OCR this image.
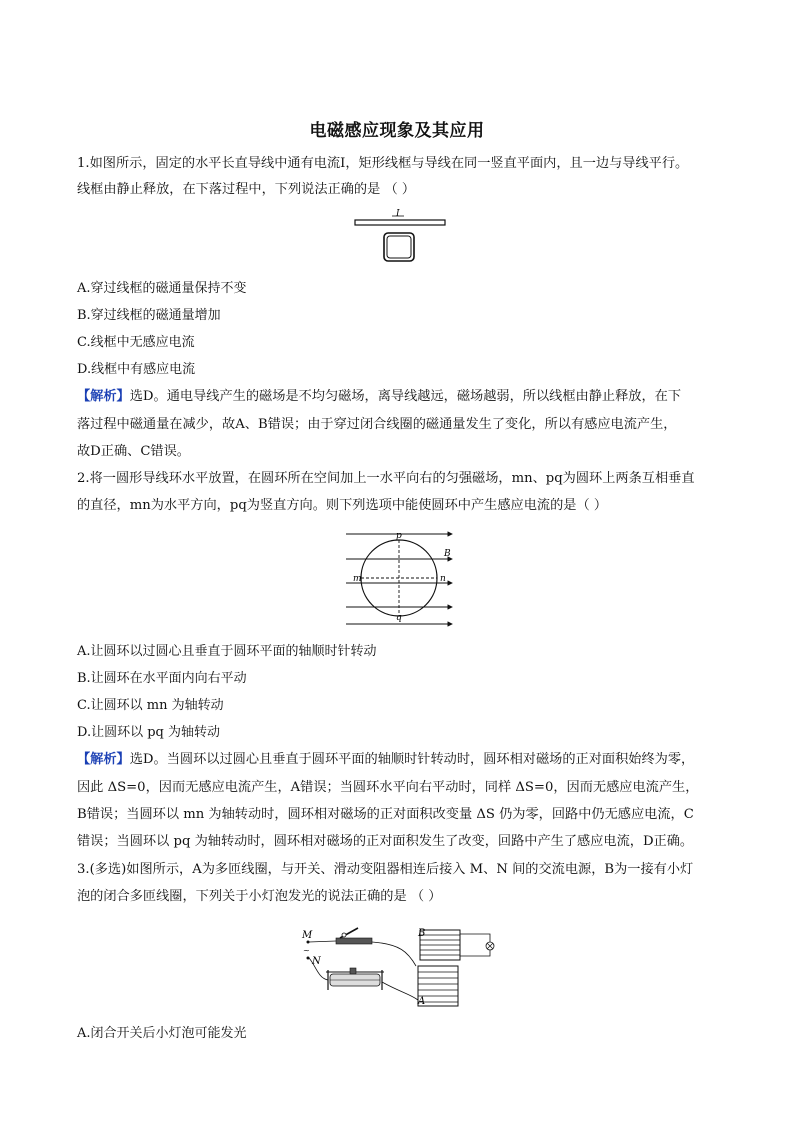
电磁感应现象及其应用
1.如图所示，固定的水平长直导线中通有电流I，矩形线框与导线在同一竖直平面内，且一边与导线平行。
线框由静止释放，在下落过程中，下列说法正确的是 （ ）
I
A.穿过线框的磁通量保持不变
B.穿过线框的磁通量增加
C.线框中无感应电流
D.线框中有感应电流
【解析】选D。通电导线产生的磁场是不均匀磁场，离导线越远，磁场越弱，所以线框由静止释放，在下
落过程中磁通量在减少，故A、B错误；由于穿过闭合线圈的磁通量发生了变化，所以有感应电流产生，
故D正确、C错误。
2.将一圆形导线环水平放置，在圆环所在空间加上一水平向右的匀强磁场，mn、pq为圆环上两条互相垂直
的直径，mn为水平方向，pq为竖直方向。则下列选项中能使圆环中产生感应电流的是（ ）
p
q
m	n
B
A.让圆环以过圆心且垂直于圆环平面的轴顺时针转动
B.让圆环在水平面内向右平动
C.让圆环以 mn 为轴转动
D.让圆环以 pq 为轴转动
【解析】选D。当圆环以过圆心且垂直于圆环平面的轴顺时针转动时，圆环相对磁场的正对面积始终为零，
因此 ΔS=0，因而无感应电流产生，A错误；当圆环水平向右平动时，同样 ΔS=0，因而无感应电流产生，
B错误；当圆环以 mn 为轴转动时，圆环相对磁场的正对面积改变量 ΔS 仍为零，回路中仍无感应电流，C
错误；当圆环以 pq 为轴转动时，圆环相对磁场的正对面积发生了改变，回路中产生了感应电流，D正确。
3.(多选)如图所示，A为多匝线圈，与开关、滑动变阻器相连后接入 M、N 间的交流电源，B为一接有小灯
泡的闭合多匝线圈，下列关于小灯泡发光的说法正确的是 （ ）
M
N
~
A
B
A.闭合开关后小灯泡可能发光
